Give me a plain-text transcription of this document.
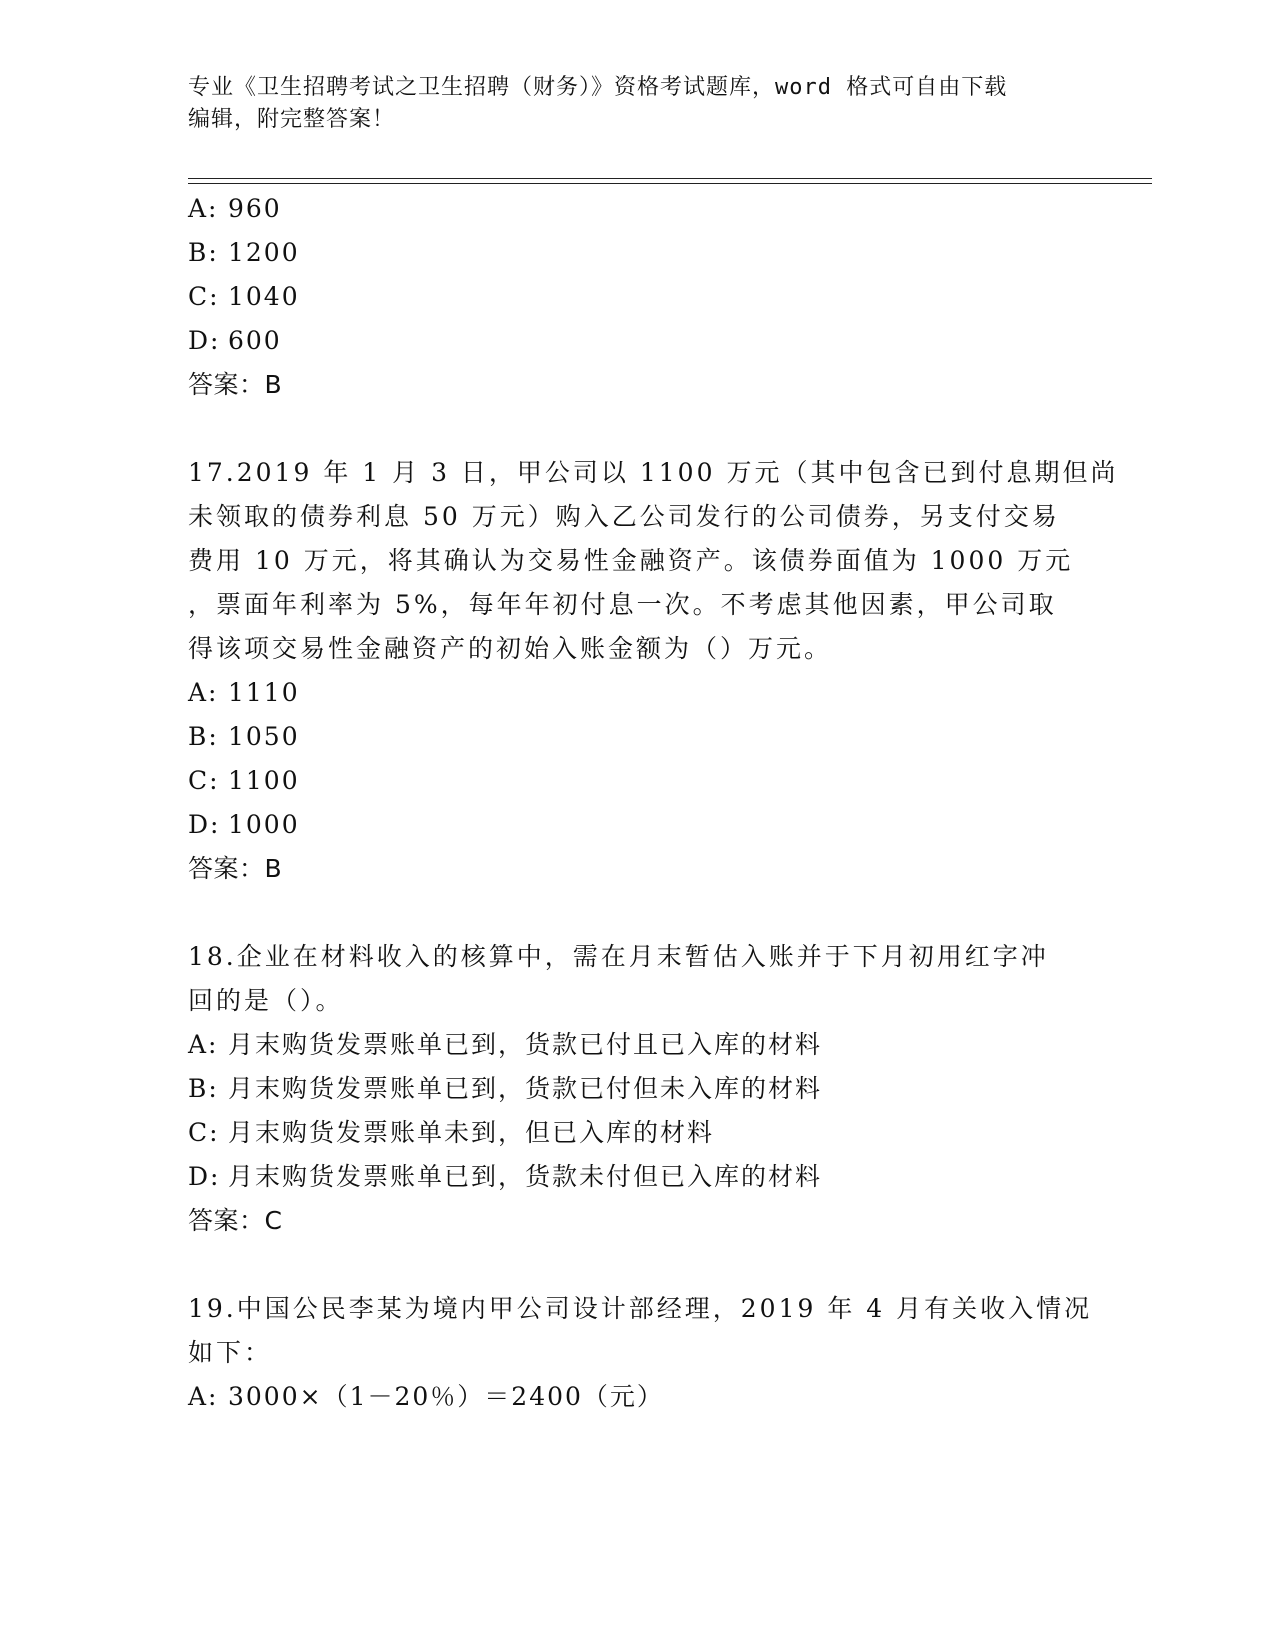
专业《卫生招聘考试之卫生招聘（财务）》资格考试题库，word 格式可自由下载
编辑，附完整答案！
A: 960
B: 1200
C: 1040
D: 600
答案：B
17.2019 年 1 月 3 日，甲公司以 1100 万元（其中包含已到付息期但尚
未领取的债券利息 50 万元）购入乙公司发行的公司债券，另支付交易
费用 10 万元，将其确认为交易性金融资产。该债券面值为 1000 万元
，票面年利率为 5%，每年年初付息一次。不考虑其他因素，甲公司取
得该项交易性金融资产的初始入账金额为（）万元。
A: 1110
B: 1050
C: 1100
D: 1000
答案：B
18.企业在材料收入的核算中，需在月末暂估入账并于下月初用红字冲
回的是（）。
A: 月末购货发票账单已到，货款已付且已入库的材料
B: 月末购货发票账单已到，货款已付但未入库的材料
C: 月末购货发票账单未到，但已入库的材料
D: 月末购货发票账单已到，货款未付但已入库的材料
答案：C
19.中国公民李某为境内甲公司设计部经理，2019 年 4 月有关收入情况
如下：
A: 3000×（1－20％）＝2400（元）
